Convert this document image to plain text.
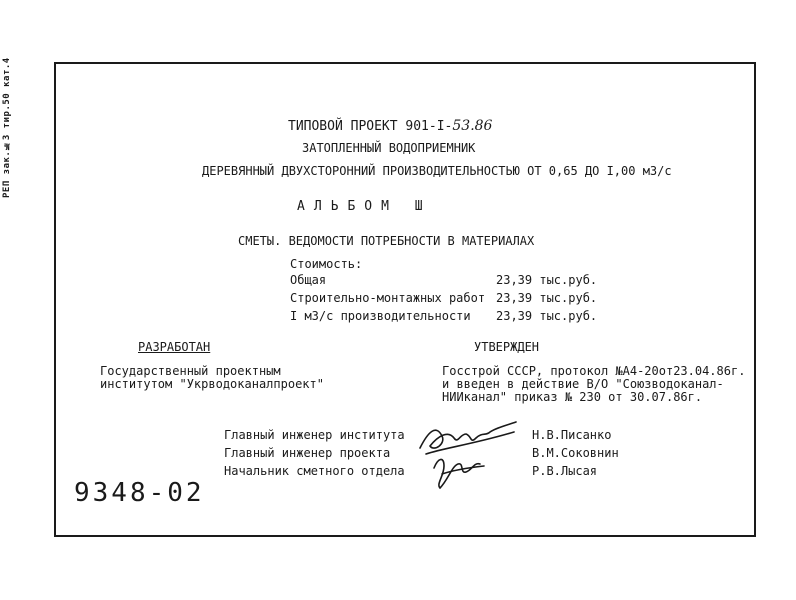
РЕП зак.№3 тир.50 кат.4	ТИПОВОЙ ПРОЕКТ 901-I-53.86
ЗАТОПЛЕННЫЙ ВОДОПРИЕМНИК
ДЕРЕВЯННЫЙ ДВУХСТОРОННИЙ ПРОИЗВОДИТЕЛЬНОСТЬЮ ОТ 0,65 ДО I,00 м3/с
АЛЬБОМ Ш
СМЕТЫ. ВЕДОМОСТИ ПОТРЕБНОСТИ В МАТЕРИАЛАХ
Стоимость:
Общая	23,39 тыс.руб.
Строительно-монтажных работ 23,39 тыс.руб.
I м3/с производительности 23,39 тыс.руб.
РАЗРАБОТАН
Государственный проектным
институтом "Укрводоканалпроект"
УТВЕРЖДЕН
Госстрой СССР, протокол №А4-20от23.04.86г.
и введен в действие В/О "Союзводоканал-
НИИканал" приказ № 230 от 30.07.86г.
Главный инженер института	Н.В.Писанко
Главный инженер проекта	В.М.Соковнин
Начальник сметного отдела	Р.В.Лысая
9348-02
